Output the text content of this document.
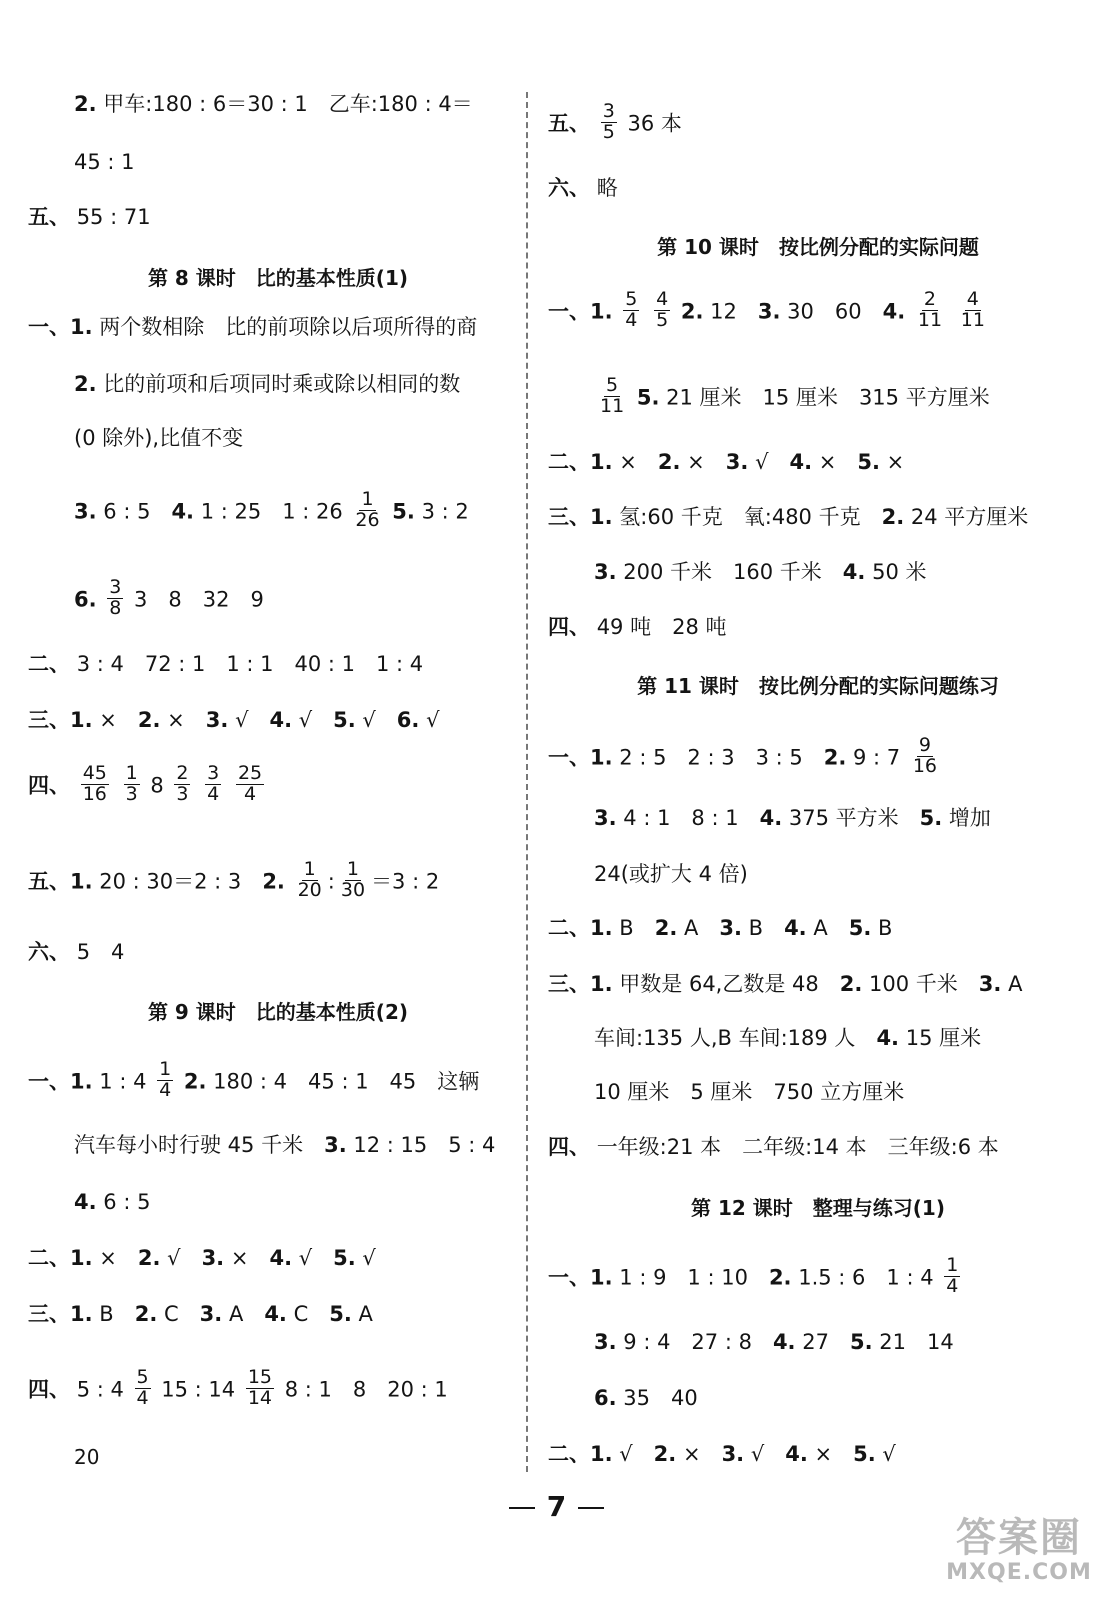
2. 甲车:180 : 6＝30 : 1　乙车:180 : 4＝
45 : 1
五、 55 : 71
第 8 课时　比的基本性质(1)
一、1. 两个数相除　比的前项除以后项所得的商
2. 比的前项和后项同时乘或除以相同的数
(0 除外),比值不变
3. 6 : 5　4. 1 : 25　1 : $26 \frac{1}{26} 5$. 3 : 2
6. $\frac{3}{8} 3$　8　32　9
二、 3 : 4　72 : 1　1 : 1　40 : 1　1 : 4
三、1. ×　2. ×　3. √　4. √　5. √　6. √
四、 $\frac{45}{16}$
$\frac{1}{3} 8 \frac{2}{3}$
$\frac{3}{4}$
$\frac{25}{4}$
五、1. 20 : 30＝2 : 3　2. $\frac{1}{20}$ : $\frac{1}{30} =3$ : 2
六、 5　4
第 9 课时　比的基本性质(2)
一、1. 1 : $4 \frac{1}{4} 2$. 180 : 4　45 : 1　45　这辆
汽车每小时行驶 45 千米　3. 12 : 15　5 : 4
4. 6 : 5
二、1. ×　2. √　3. ×　4. √　5. √
三、1. B　2. C　3. A　4. C　5. A
四、 5 : $4 \frac{5}{4} 15$ : $14 \frac{15}{14} 8$ : 1　8　20 : 1
五、 $\frac{3}{5} 36$ 本
六、 略
第 10 课时　按比例分配的实际问题
一、1. $\frac{5}{4}$
$\frac{4}{5} 2$. 12　3. 30　60　4. $\frac{2}{11}$
$\frac{4}{11}$
$\frac{5}{11} 5$. 21 厘米　15 厘米　315 平方厘米
二、1. ×　2. ×　3. √　4. ×　5. ×
三、1. 氢:60 千克　氧:480 千克　2. 24 平方厘米
3. 200 千米　160 千米　4. 50 米
四、 49 吨　28 吨
第 11 课时　按比例分配的实际问题练习
一、1. 2 : 5　2 : 3　3 : 5　2. 9 : $7 \frac{9}{16}$
3. 4 : 1　8 : 1　4. 375 平方米　5. 增加
24(或扩大 4 倍)
二、1. B　2. A　3. B　4. A　5. B
三、1. 甲数是 64,乙数是 48　2. 100 千米　3. A
车间:135 人,B 车间:189 人　4. 15 厘米
10 厘米　5 厘米　750 立方厘米
四、 一年级:21 本　二年级:14 本　三年级:6 本
第 12 课时　整理与练习(1)
一、1. 1 : 9　1 : 10　2. 1.5 : 6　1 : $4 \frac{1}{4}$
3. 9 : 4　27 : 8　4. 27　5. 21　14
6. 35　40
二、1. √　2. ×　3. √　4. ×　5. √
20
7
答案圈
MXQE.COM
